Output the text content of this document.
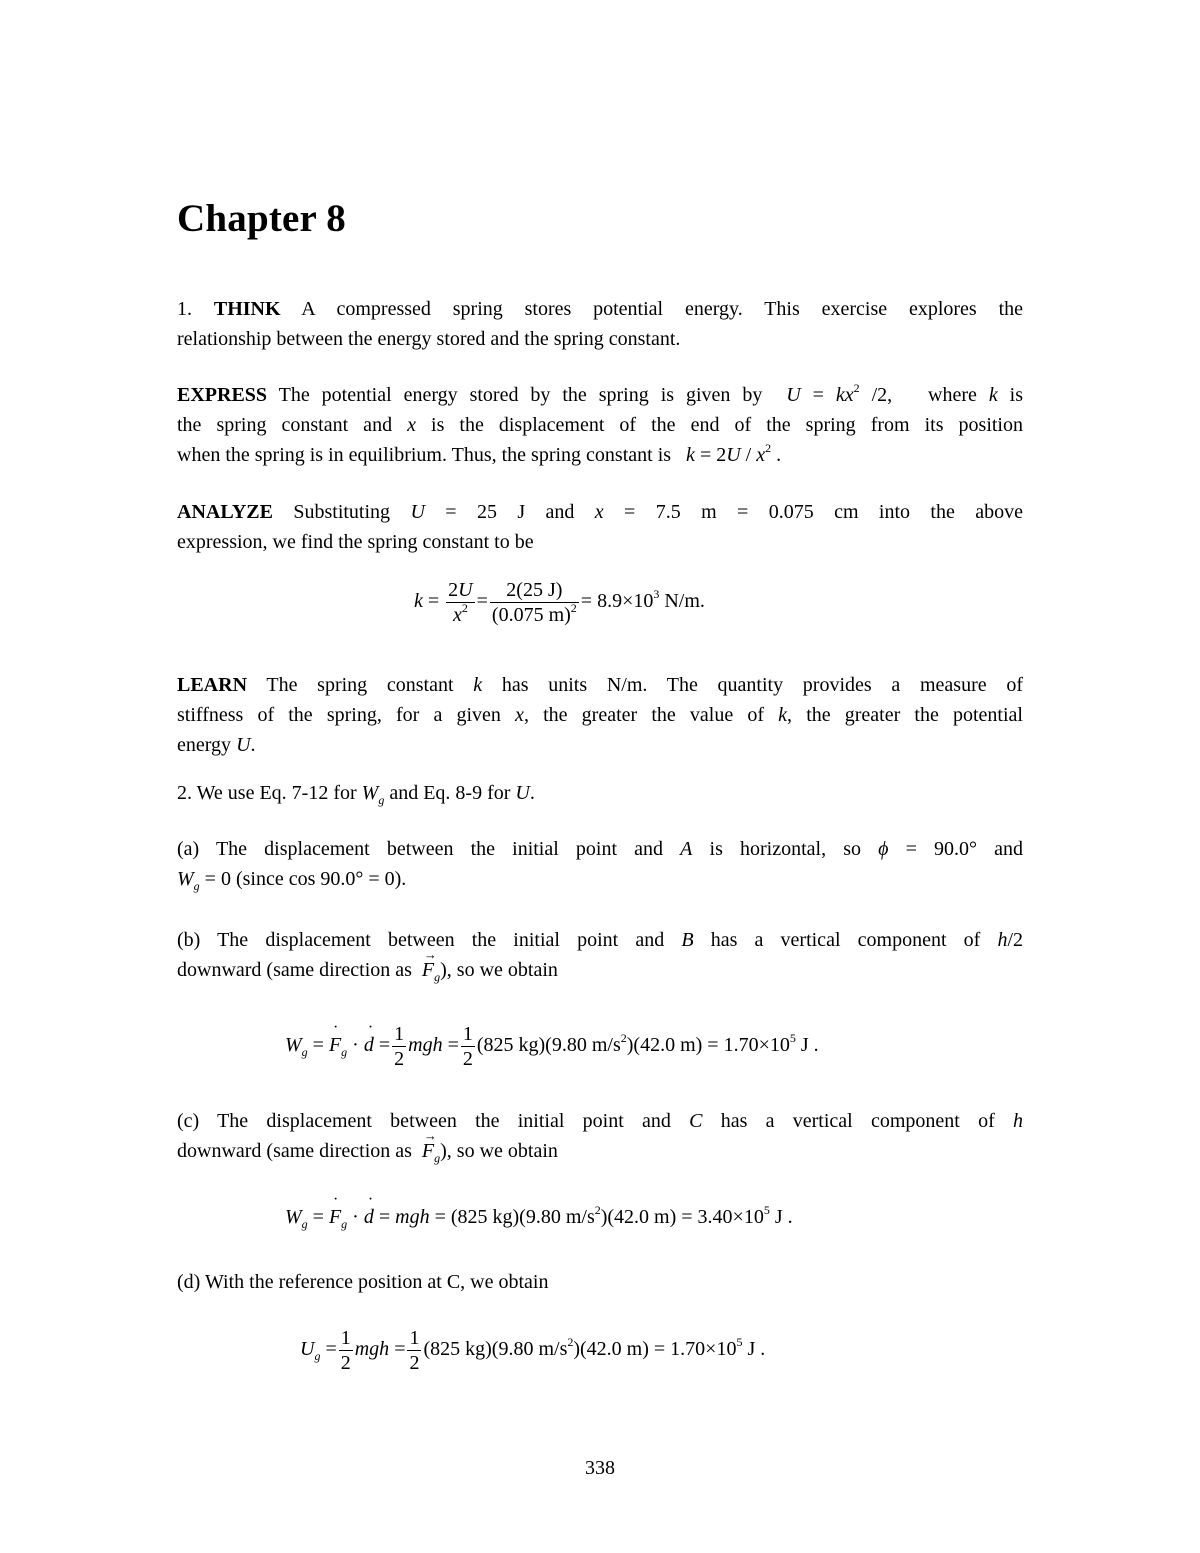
Chapter 8
1. THINK A compressed spring stores potential energy. This exercise explores the
relationship between the energy stored and the spring constant.
EXPRESS The potential energy stored by the spring is given by  $U = kx^2$ /2,   where k is
the spring constant and x is the displacement of the end of the spring from its position
when the spring is in equilibrium. Thus, the spring constant is   $k = 2U / x^2$ .
ANALYZE Substituting U = 25 J and x = 7.5 m = 0.075 cm into the above
expression, we find the spring constant to be
$k = \frac{2U}{x^2} = \frac{2(25 J)}{(0.075 m)^2} = 8.9\times 10^3$ N/m.
LEARN The spring constant k has units N/m. The quantity provides a measure of
stiffness of the spring, for a given x, the greater the value of k, the greater the potential
energy U.
2. We use Eq. 7-12 for $W_g$ and Eq. 8-9 for U.
(a) The displacement between the initial point and A is horizontal, so ϕ = 90.0° and
$W_g = 0$ (since cos 90.0° = 0).
(b) The displacement between the initial point and B has a vertical component of h/2
downward (same direction as  → $F_g$), so we obtain
$W_g$ = · $F_g$ · · $d = \frac{1}{2}$ mgh = $\frac{1}{2} (825$ kg)(9.80 $m/s^2)(42.0$ $m) = 1.70\times 10^5$ J .
(c) The displacement between the initial point and C has a vertical component of h
downward (same direction as  → $F_g$), so we obtain
$W_g$ = · $F_g$ · · d = mgh = (825 kg)(9.80 $m/s^2)(42.0$ $m) = 3.40\times 10^5$ J .
(d) With the reference position at C, we obtain
$U_g = \frac{1}{2}$ mgh = $\frac{1}{2} (825$ kg)(9.80 $m/s^2)(42.0$ $m) = 1.70\times 10^5$ J .
338
